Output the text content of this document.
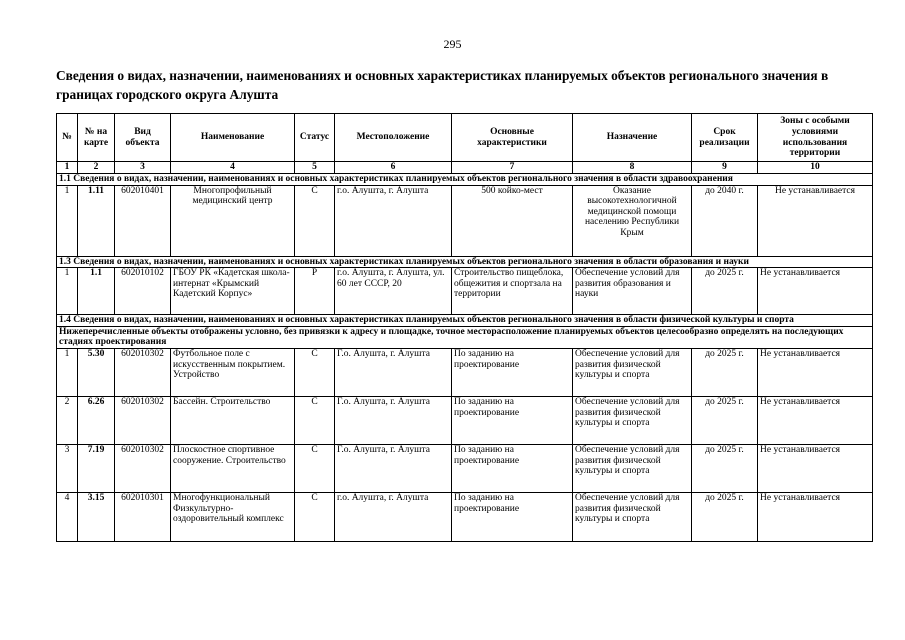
295
Сведения о видах, назначении, наименованиях и основных характеристиках планируемых объектов регионального значения в границах городского округа Алушта
№	№ на карте	Вид объекта	Наименование	Статус	Местоположение	Основные характеристики	Назначение	Срок реализации	Зоны с особыми условиями использования территории
1	2	3	4	5	6	7	8	9	10
1.1 Сведения о видах, назначении, наименованиях и основных характеристиках планируемых объектов регионального значения в области здравоохранения									
1	1.11	602010401	Многопрофильный медицинский центр	С	г.о. Алушта, г. Алушта	500 койко-мест	Оказание высокотехнологичной медицинской помощи населению Республики Крым	до 2040 г.	Не устанавливается
1.3 Сведения о видах, назначении, наименованиях и основных характеристиках планируемых объектов регионального значения в области образования и науки									
1	1.1	602010102	ГБОУ РК «Кадетская школа-интернат «Крымский Кадетский Корпус»	Р	г.о. Алушта, г. Алушта, ул. 60 лет СССР, 20	Строительство пищеблока, общежития и спортзала на территории	Обеспечение условий для развития образования и науки	до 2025 г.	Не устанавливается
1.4 Сведения о видах, назначении, наименованиях и основных характеристиках планируемых объектов регионального значения в области физической культуры и спорта									
Нижеперечисленные объекты отображены условно, без привязки к адресу и площадке, точное месторасположение планируемых объектов целесообразно определять на последующих стадиях проектирования									
1	5.30	602010302	Футбольное поле с искусственным покрытием. Устройство	С	Г.о. Алушта, г. Алушта	По заданию на проектирование	Обеспечение условий для развития физической культуры и спорта	до 2025 г.	Не устанавливается
2	6.26	602010302	Бассейн. Строительство	С	Г.о. Алушта, г. Алушта	По заданию на проектирование	Обеспечение условий для развития физической культуры и спорта	до 2025 г.	Не устанавливается
3	7.19	602010302	Плоскостное спортивное сооружение. Строительство	С	Г.о. Алушта, г. Алушта	По заданию на проектирование	Обеспечение условий для развития физической культуры и спорта	до 2025 г.	Не устанавливается
4	3.15	602010301	Многофункциональный Физкультурно-оздоровительный комплекс	С	г.о. Алушта, г. Алушта	По заданию на проектирование	Обеспечение условий для развития физической культуры и спорта	до 2025 г.	Не устанавливается
